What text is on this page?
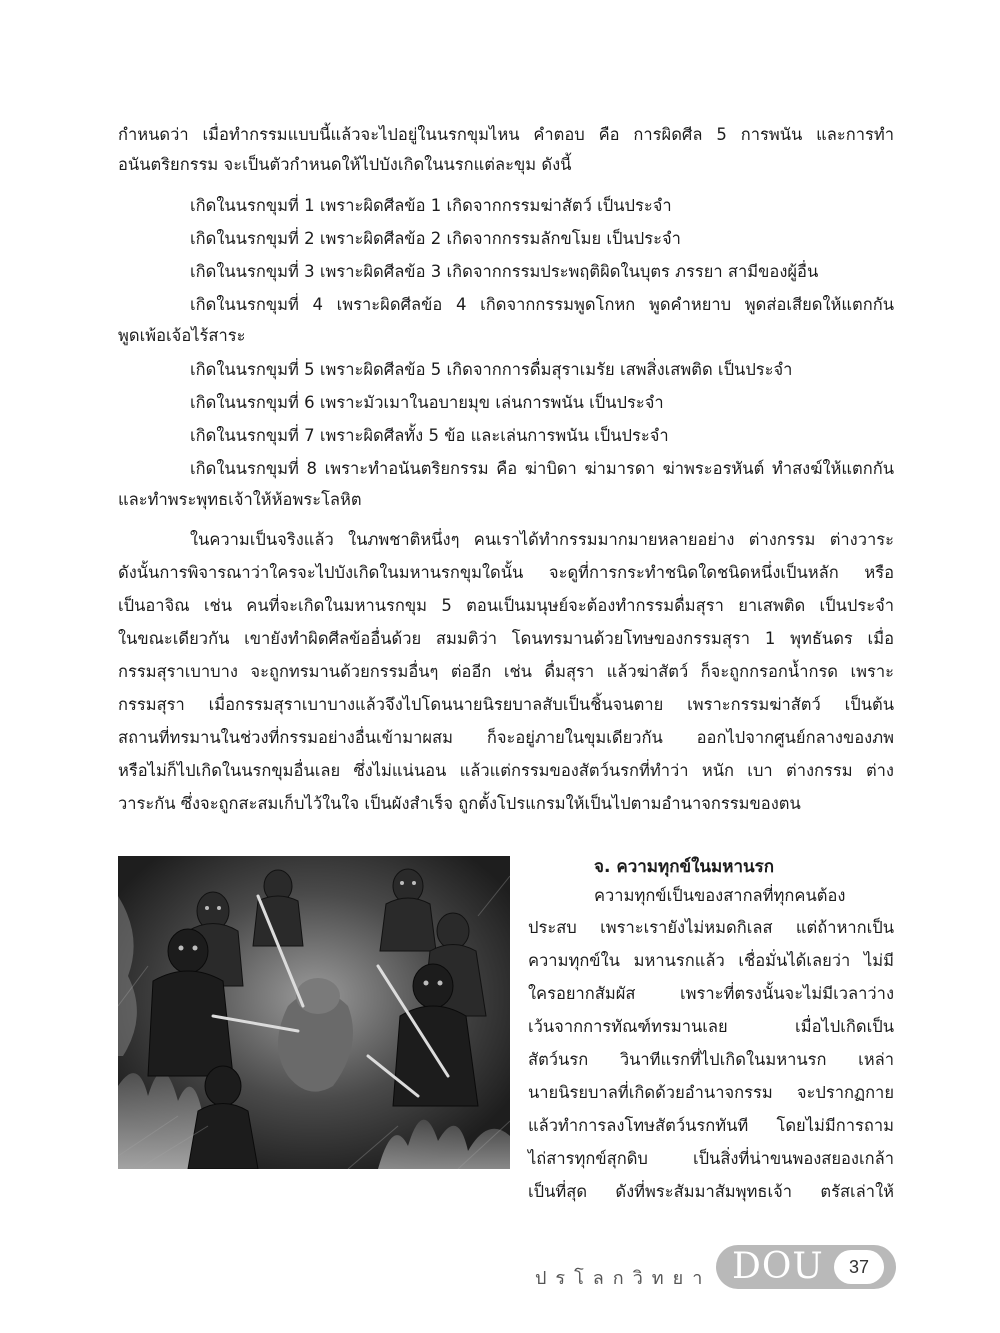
กำหนดว่า เมื่อทำกรรมแบบนี้แล้วจะไปอยู่ในนรกขุมไหน คำตอบ คือ การผิดศีล 5 การพนัน และการทำ
อนันตริยกรรม จะเป็นตัวกำหนดให้ไปบังเกิดในนรกแต่ละขุม ดังนี้
เกิดในนรกขุมที่ 1 เพราะผิดศีลข้อ 1 เกิดจากกรรมฆ่าสัตว์ เป็นประจำ
เกิดในนรกขุมที่ 2 เพราะผิดศีลข้อ 2 เกิดจากกรรมลักขโมย เป็นประจำ
เกิดในนรกขุมที่ 3 เพราะผิดศีลข้อ 3 เกิดจากกรรมประพฤติผิดในบุตร ภรรยา สามีของผู้อื่น
เกิดในนรกขุมที่ 4 เพราะผิดศีลข้อ 4 เกิดจากกรรมพูดโกหก พูดคำหยาบ พูดส่อเสียดให้แตกกัน
พูดเพ้อเจ้อไร้สาระ
เกิดในนรกขุมที่ 5 เพราะผิดศีลข้อ 5 เกิดจากการดื่มสุราเมรัย เสพสิ่งเสพติด เป็นประจำ
เกิดในนรกขุมที่ 6 เพราะมัวเมาในอบายมุข เล่นการพนัน เป็นประจำ
เกิดในนรกขุมที่ 7 เพราะผิดศีลทั้ง 5 ข้อ และเล่นการพนัน เป็นประจำ
เกิดในนรกขุมที่ 8 เพราะทำอนันตริยกรรม คือ ฆ่าบิดา ฆ่ามารดา ฆ่าพระอรหันต์ ทำสงฆ์ให้แตกกัน
และทำพระพุทธเจ้าให้ห้อพระโลหิต
ในความเป็นจริงแล้ว ในภพชาติหนึ่งๆ คนเราได้ทำกรรมมากมายหลายอย่าง ต่างกรรม ต่างวาระ
ดังนั้นการพิจารณาว่าใครจะไปบังเกิดในมหานรกขุมใดนั้น จะดูที่การกระทำชนิดใดชนิดหนึ่งเป็นหลัก หรือ
เป็นอาจิณ เช่น คนที่จะเกิดในมหานรกขุม 5 ตอนเป็นมนุษย์จะต้องทำกรรมดื่มสุรา ยาเสพติด เป็นประจำ
ในขณะเดียวกัน เขายังทำผิดศีลข้ออื่นด้วย สมมติว่า โดนทรมานด้วยโทษของกรรมสุรา 1 พุทธันดร เมื่อ
กรรมสุราเบาบาง จะถูกทรมานด้วยกรรมอื่นๆ ต่ออีก เช่น ดื่มสุรา แล้วฆ่าสัตว์ ก็จะถูกกรอกน้ำกรด เพราะ
กรรมสุรา เมื่อกรรมสุราเบาบางแล้วจึงไปโดนนายนิรยบาลสับเป็นชิ้นจนตาย เพราะกรรมฆ่าสัตว์ เป็นต้น
สถานที่ทรมานในช่วงที่กรรมอย่างอื่นเข้ามาผสม ก็จะอยู่ภายในขุมเดียวกัน ออกไปจากศูนย์กลางของภพ
หรือไม่ก็ไปเกิดในนรกขุมอื่นเลย ซึ่งไม่แน่นอน แล้วแต่กรรมของสัตว์นรกที่ทำว่า หนัก เบา ต่างกรรม ต่าง
วาระกัน ซึ่งจะถูกสะสมเก็บไว้ในใจ เป็นผังสำเร็จ ถูกตั้งโปรแกรมให้เป็นไปตามอำนาจกรรมของตน
จ. ความทุกข์ในมหานรก
ความทุกข์เป็นของสากลที่ทุกคนต้อง
ประสบ เพราะเรายังไม่หมดกิเลส แต่ถ้าหากเป็น
ความทุกข์ใน มหานรกแล้ว เชื่อมั่นได้เลยว่า ไม่มี
ใครอยากสัมผัส เพราะที่ตรงนั้นจะไม่มีเวลาว่าง
เว้นจากการทัณฑ์ทรมานเลย เมื่อไปเกิดเป็น
สัตว์นรก วินาทีแรกที่ไปเกิดในมหานรก เหล่า
นายนิรยบาลที่เกิดด้วยอำนาจกรรม จะปรากฏกาย
แล้วทำการลงโทษสัตว์นรกทันที โดยไม่มีการถาม
ไถ่สารทุกข์สุกดิบ เป็นสิ่งที่น่าขนพองสยองเกล้า
เป็นที่สุด ดังที่พระสัมมาสัมพุทธเจ้า ตรัสเล่าให้
ปรโลกวิทยา DOU	37
